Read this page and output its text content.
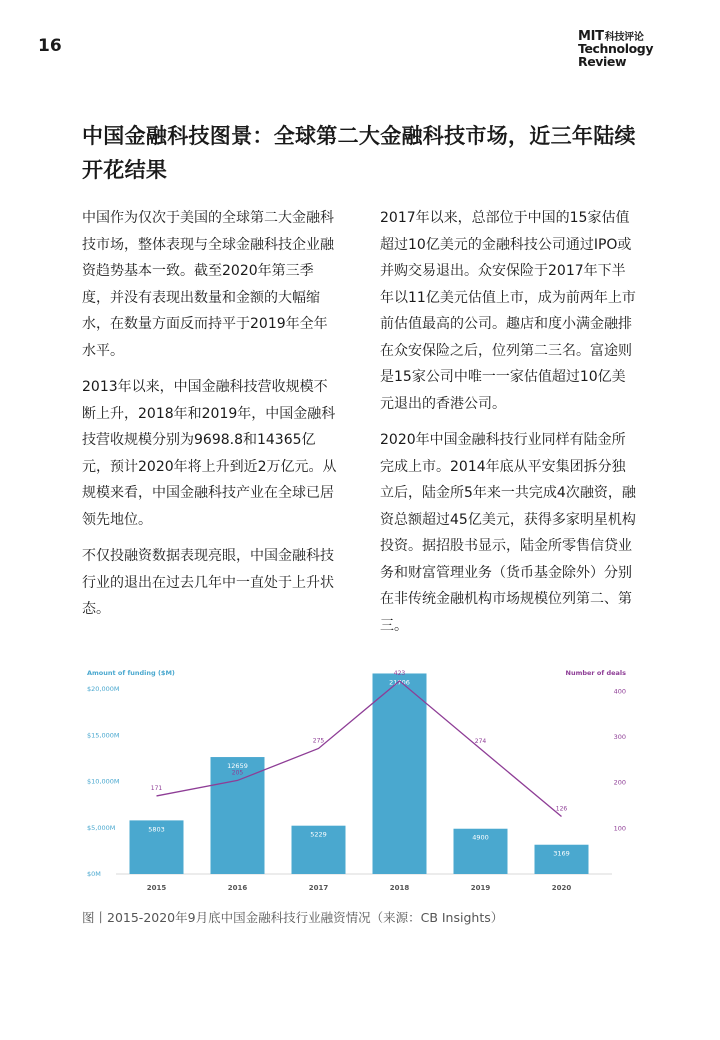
16	MIT科技评论
Technology
Review
中国金融科技图景：全球第二大金融科技市场，近三年陆续开花结果

中国作为仅次于美国的全球第二大金融科技市场，整体表现与全球金融科技企业融资趋势基本一致。截至2020年第三季度，并没有表现出数量和金额的大幅缩水，在数量方面反而持平于2019年全年水平。

2013年以来，中国金融科技营收规模不断上升，2018年和2019年，中国金融科技营收规模分别为9698.8和14365亿元，预计2020年将上升到近2万亿元。从规模来看，中国金融科技产业在全球已居领先地位。

不仅投融资数据表现亮眼，中国金融科技行业的退出在过去几年中一直处于上升状态。

2017年以来，总部位于中国的15家估值超过10亿美元的金融科技公司通过IPO或并购交易退出。众安保险于2017年下半年以11亿美元估值上市，成为前两年上市前估值最高的公司。趣店和度小满金融排在众安保险之后，位列第二三名。富途则是15家公司中唯一一家估值超过10亿美元退出的香港公司。

2020年中国金融科技行业同样有陆金所完成上市。2014年底从平安集团拆分独立后，陆金所5年来一共完成4次融资，融资总额超过45亿美元，获得多家明星机构投资。据招股书显示，陆金所零售信贷业务和财富管理业务（货币基金除外）分别在非传统金融机构市场规模位列第二、第三。

Amount of funding ($M)	Number of deals
$0M
$5,000M
$10,000M
$15,000M
$20,000M
100
200
300
400
5803
12659
5229
21706
4900
3169
2015	2016	2017	2018	2019	2020
171
205
275
423
274
126
图丨2015-2020年9月底中国金融科技行业融资情况（来源：CB Insights）
